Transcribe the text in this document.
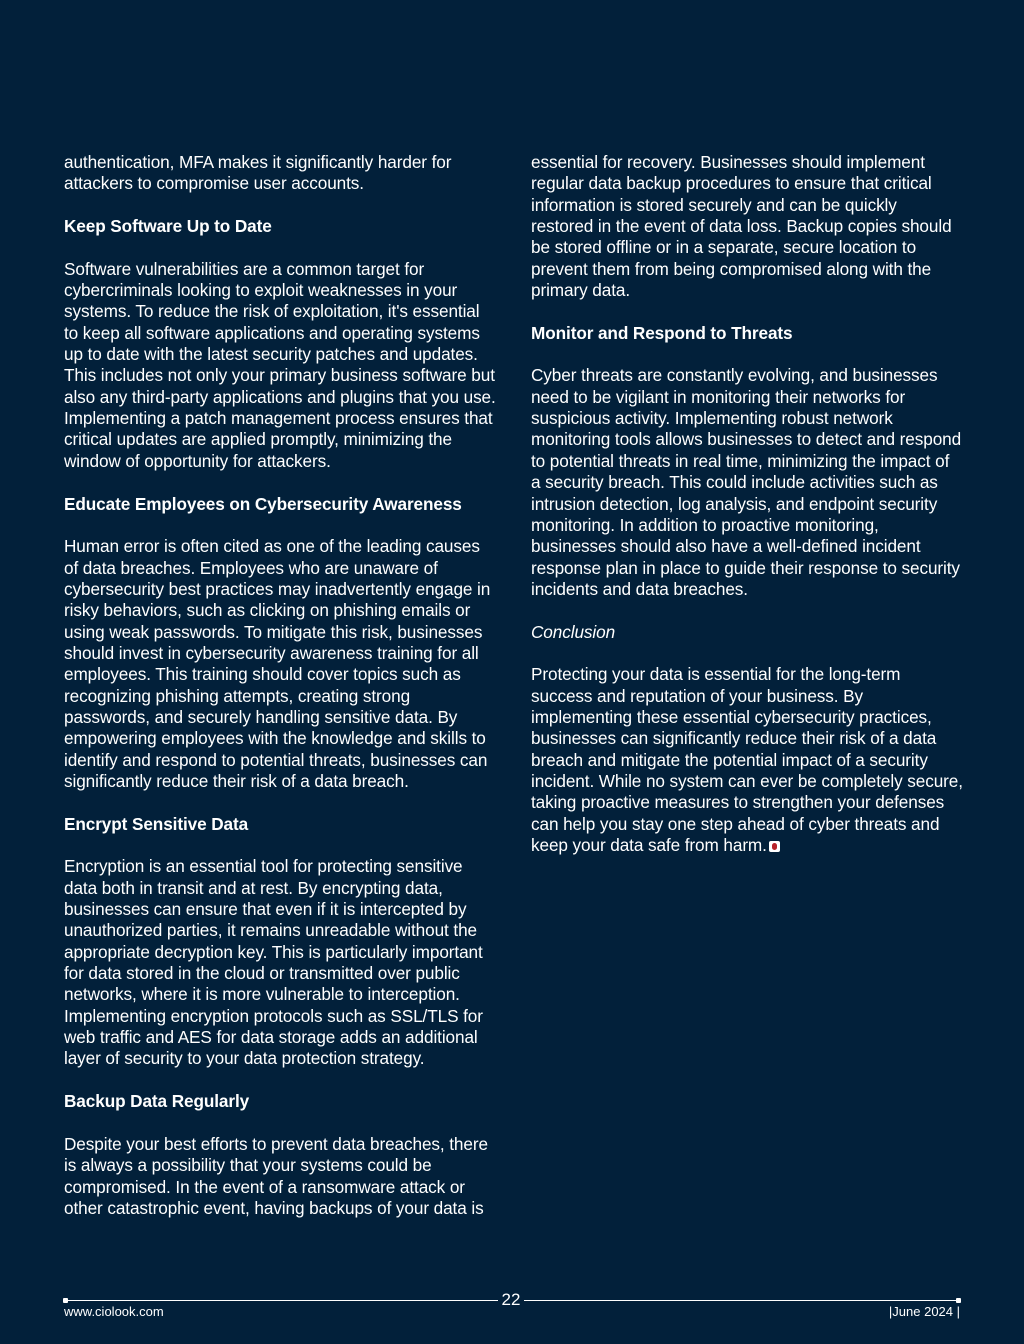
authentication, MFA makes it significantly harder for attackers to compromise user accounts.

Keep Software Up to Date

Software vulnerabilities are a common target for cybercriminals looking to exploit weaknesses in your systems. To reduce the risk of exploitation, it's essential to keep all software applications and operating systems up to date with the latest security patches and updates. This includes not only your primary business software but also any third-party applications and plugins that you use. Implementing a patch management process ensures that critical updates are applied promptly, minimizing the window of opportunity for attackers.

Educate Employees on Cybersecurity Awareness

Human error is often cited as one of the leading causes of data breaches. Employees who are unaware of cybersecurity best practices may inadvertently engage in risky behaviors, such as clicking on phishing emails or using weak passwords. To mitigate this risk, businesses should invest in cybersecurity awareness training for all employees. This training should cover topics such as recognizing phishing attempts, creating strong passwords, and securely handling sensitive data. By empowering employees with the knowledge and skills to identify and respond to potential threats, businesses can significantly reduce their risk of a data breach.

Encrypt Sensitive Data

Encryption is an essential tool for protecting sensitive data both in transit and at rest. By encrypting data, businesses can ensure that even if it is intercepted by unauthorized parties, it remains unreadable without the appropriate decryption key. This is particularly important for data stored in the cloud or transmitted over public networks, where it is more vulnerable to interception. Implementing encryption protocols such as SSL/TLS for web traffic and AES for data storage adds an additional layer of security to your data protection strategy.

Backup Data Regularly

Despite your best efforts to prevent data breaches, there is always a possibility that your systems could be compromised. In the event of a ransomware attack or other catastrophic event, having backups of your data is

essential for recovery. Businesses should implement regular data backup procedures to ensure that critical information is stored securely and can be quickly restored in the event of data loss. Backup copies should be stored offline or in a separate, secure location to prevent them from being compromised along with the primary data.

Monitor and Respond to Threats

Cyber threats are constantly evolving, and businesses need to be vigilant in monitoring their networks for suspicious activity. Implementing robust network monitoring tools allows businesses to detect and respond to potential threats in real time, minimizing the impact of a security breach. This could include activities such as intrusion detection, log analysis, and endpoint security monitoring. In addition to proactive monitoring, businesses should also have a well-defined incident response plan in place to guide their response to security incidents and data breaches.

Conclusion

Protecting your data is essential for the long-term success and reputation of your business. By implementing these essential cybersecurity practices, businesses can significantly reduce their risk of a data breach and mitigate the potential impact of a security incident. While no system can ever be completely secure, taking proactive measures to strengthen your defenses can help you stay one step ahead of cyber threats and keep your data safe from harm.

22
www.ciolook.com	|June 2024 |
